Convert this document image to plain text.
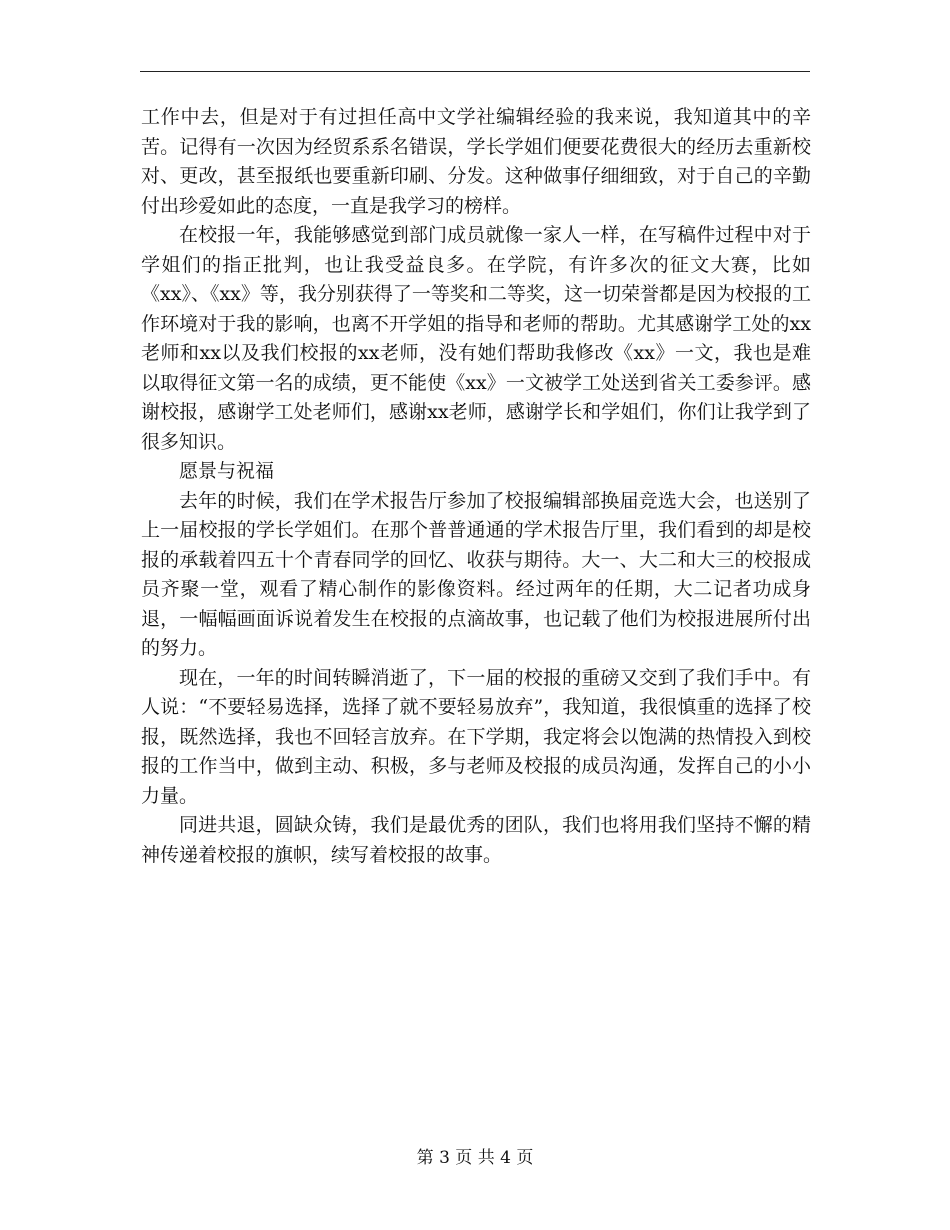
工作中去，但是对于有过担任高中文学社编辑经验的我来说，我知道其中的辛苦。记得有一次因为经贸系系名错误，学长学姐们便要花费很大的经历去重新校对、更改，甚至报纸也要重新印刷、分发。这种做事仔细细致，对于自己的辛勤付出珍爱如此的态度，一直是我学习的榜样。

在校报一年，我能够感觉到部门成员就像一家人一样，在写稿件过程中对于学姐们的指正批判，也让我受益良多。在学院，有许多次的征文大赛，比如《xx》、《xx》等，我分别获得了一等奖和二等奖，这一切荣誉都是因为校报的工作环境对于我的影响，也离不开学姐的指导和老师的帮助。尤其感谢学工处的xx老师和xx以及我们校报的xx老师，没有她们帮助我修改《xx》一文，我也是难以取得征文第一名的成绩，更不能使《xx》一文被学工处送到省关工委参评。感谢校报，感谢学工处老师们，感谢xx老师，感谢学长和学姐们，你们让我学到了很多知识。

愿景与祝福

去年的时候，我们在学术报告厅参加了校报编辑部换届竞选大会，也送别了上一届校报的学长学姐们。在那个普普通通的学术报告厅里，我们看到的却是校报的承载着四五十个青春同学的回忆、收获与期待。大一、大二和大三的校报成员齐聚一堂，观看了精心制作的影像资料。经过两年的任期，大二记者功成身退，一幅幅画面诉说着发生在校报的点滴故事，也记载了他们为校报进展所付出的努力。

现在，一年的时间转瞬消逝了，下一届的校报的重磅又交到了我们手中。有人说：“不要轻易选择，选择了就不要轻易放弃”，我知道，我很慎重的选择了校报，既然选择，我也不回轻言放弃。在下学期，我定将会以饱满的热情投入到校报的工作当中，做到主动、积极，多与老师及校报的成员沟通，发挥自己的小小力量。

同进共退，圆缺众铸，我们是最优秀的团队，我们也将用我们坚持不懈的精神传递着校报的旗帜，续写着校报的故事。

第 3 页 共 4 页
